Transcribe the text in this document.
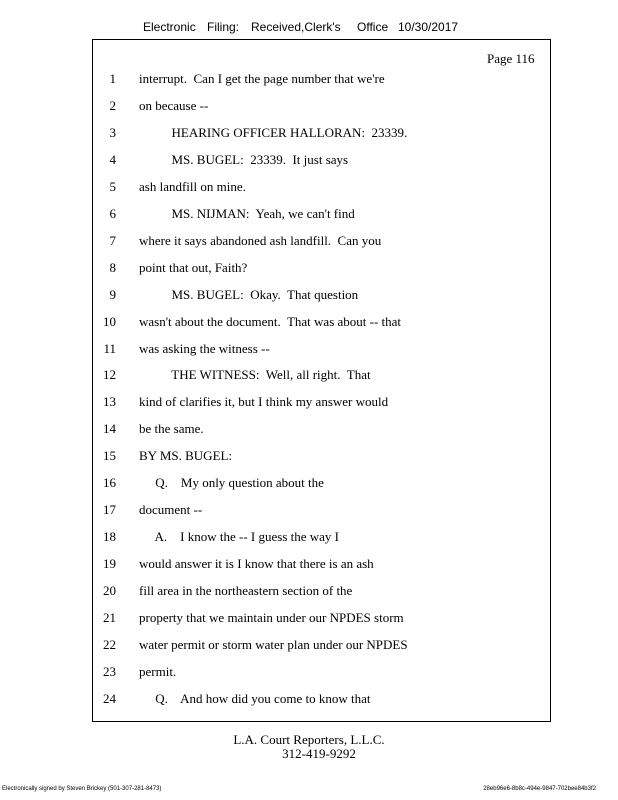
Electronic Filing: Received,Clerk's Office 10/30/2017
Page 116
1 interrupt.  Can I get the page number that we're
2 on because --
3 HEARING OFFICER HALLORAN:  23339.
4 MS. BUGEL:  23339.  It just says
5 ash landfill on mine.
6 MS. NIJMAN:  Yeah, we can't find
7 where it says abandoned ash landfill.  Can you
8 point that out, Faith?
9 MS. BUGEL:  Okay.  That question
10 wasn't about the document.  That was about -- that
11 was asking the witness --
12 THE WITNESS:  Well, all right.  That
13 kind of clarifies it, but I think my answer would
14 be the same.
15 BY MS. BUGEL:
16 Q.    My only question about the
17 document --
18 A.    I know the -- I guess the way I
19 would answer it is I know that there is an ash
20 fill area in the northeastern section of the
21 property that we maintain under our NPDES storm
22 water permit or storm water plan under our NPDES
23 permit.
24 Q.    And how did you come to know that
L.A. Court Reporters, L.L.C.
312-419-9292
Electronically signed by Steven Brickey (501-307-281-8473)	28eb96e6-8b8c-494e-9847-702bee84b3f2
